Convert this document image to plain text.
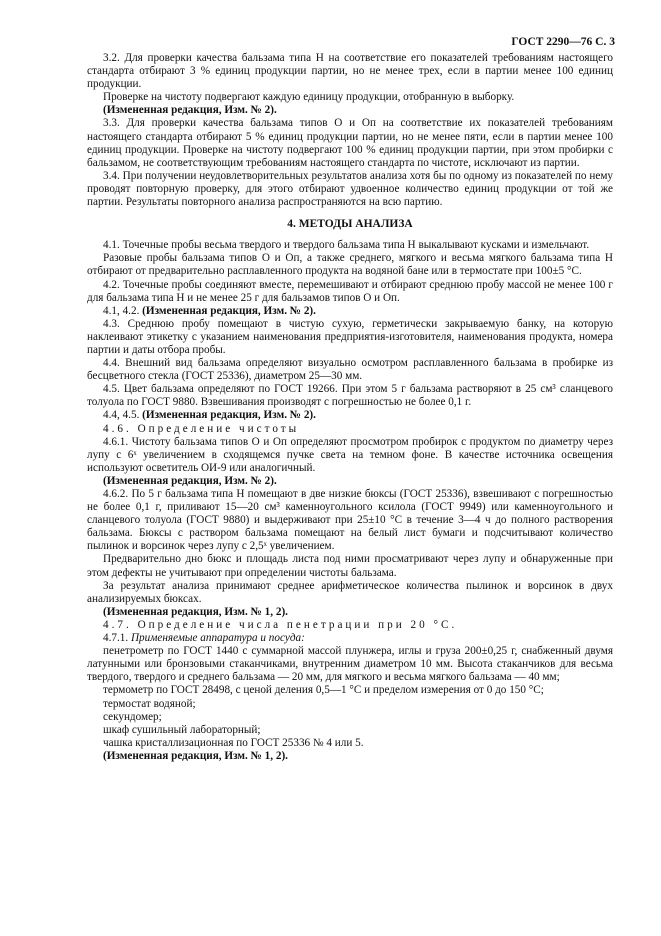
ГОСТ 2290—76 С. 3

3.2. Для проверки качества бальзама типа Н на соответствие его показателей требованиям настоящего стандарта отбирают 3 % единиц продукции партии, но не менее трех, если в партии менее 100 единиц продукции.

Проверке на чистоту подвергают каждую единицу продукции, отобранную в выборку.

(Измененная редакция, Изм. № 2).

3.3. Для проверки качества бальзама типов О и Оп на соответствие их показателей требованиям настоящего стандарта отбирают 5 % единиц продукции партии, но не менее пяти, если в партии менее 100 единиц продукции. Проверке на чистоту подвергают 100 % единиц продукции партии, при этом пробирки с бальзамом, не соответствующим требованиям настоящего стандарта по чистоте, исключают из партии.

3.4. При получении неудовлетворительных результатов анализа хотя бы по одному из показателей по нему проводят повторную проверку, для этого отбирают удвоенное количество единиц продукции от той же партии. Результаты повторного анализа распространяются на всю партию.

4. МЕТОДЫ АНАЛИЗА

4.1. Точечные пробы весьма твердого и твердого бальзама типа Н выкалывают кусками и измельчают.

Разовые пробы бальзама типов О и Оп, а также среднего, мягкого и весьма мягкого бальзама типа Н отбирают от предварительно расплавленного продукта на водяной бане или в термостате при 100±5 °С.

4.2. Точечные пробы соединяют вместе, перемешивают и отбирают среднюю пробу массой не менее 100 г для бальзама типа Н и не менее 25 г для бальзамов типов О и Оп.

4.1, 4.2. (Измененная редакция, Изм. № 2).

4.3. Среднюю пробу помещают в чистую сухую, герметически закрываемую банку, на которую наклеивают этикетку с указанием наименования предприятия-изготовителя, наименования продукта, номера партии и даты отбора пробы.

4.4. Внешний вид бальзама определяют визуально осмотром расплавленного бальзама в пробирке из бесцветного стекла (ГОСТ 25336), диаметром 25—30 мм.

4.5. Цвет бальзама определяют по ГОСТ 19266. При этом 5 г бальзама растворяют в 25 см³ сланцевого толуола по ГОСТ 9880. Взвешивания производят с погрешностью не более 0,1 г.

4.4, 4.5. (Измененная редакция, Изм. № 2).

4.6. Определение чистоты

4.6.1. Чистоту бальзама типов О и Оп определяют просмотром пробирок с продуктом по диаметру через лупу с 6ˣ увеличением в сходящемся пучке света на темном фоне. В качестве источника освещения используют осветитель ОИ-9 или аналогичный.

(Измененная редакция, Изм. № 2).

4.6.2. По 5 г бальзама типа Н помещают в две низкие бюксы (ГОСТ 25336), взвешивают с погрешностью не более 0,1 г, приливают 15—20 см³ каменноугольного ксилола (ГОСТ 9949) или каменноугольного и сланцевого толуола (ГОСТ 9880) и выдерживают при 25±10 °С в течение 3—4 ч до полного растворения бальзама. Бюксы с раствором бальзама помещают на белый лист бумаги и подсчитывают количество пылинок и ворсинок через лупу с 2,5ˣ увеличением.

Предварительно дно бюкс и площадь листа под ними просматривают через лупу и обнаруженные при этом дефекты не учитывают при определении чистоты бальзама.

За результат анализа принимают среднее арифметическое количества пылинок и ворсинок в двух анализируемых бюксах.

(Измененная редакция, Изм. № 1, 2).

4.7. Определение числа пенетрации при 20 °С.

4.7.1. Применяемые аппаратура и посуда:

пенетрометр по ГОСТ 1440 с суммарной массой плунжера, иглы и груза 200±0,25 г, снабженный двумя латунными или бронзовыми стаканчиками, внутренним диаметром 10 мм. Высота стаканчиков для весьма твердого, твердого и среднего бальзама — 20 мм, для мягкого и весьма мягкого бальзама — 40 мм;

термометр по ГОСТ 28498, с ценой деления 0,5—1 °С и пределом измерения от 0 до 150 °С;

термостат водяной;

секундомер;

шкаф сушильный лабораторный;

чашка кристаллизационная по ГОСТ 25336 № 4 или 5.

(Измененная редакция, Изм. № 1, 2).
